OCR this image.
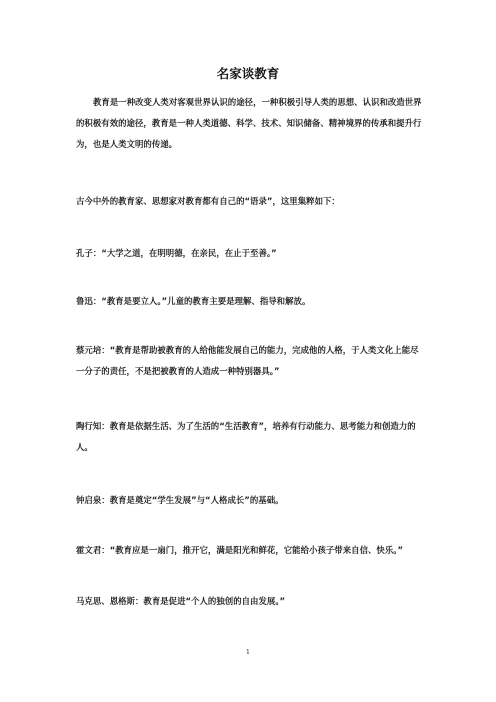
名家谈教育

教育是一种改变人类对客观世界认识的途径，一种积极引导人类的思想、认识和改造世界的积极有效的途径，教育是一种人类道德、科学、技术、知识储备、精神境界的传承和提升行为，也是人类文明的传递。

古今中外的教育家、思想家对教育都有自己的“语录”，这里集粹如下：

孔子：“大学之道，在明明德，在亲民，在止于至善。”

鲁迅：“教育是要立人。”儿童的教育主要是理解、指导和解放。

蔡元培：“教育是帮助被教育的人给他能发展自己的能力，完成他的人格，于人类文化上能尽一分子的责任，不是把被教育的人造成一种特别器具。”

陶行知：教育是依据生活、为了生活的“生活教育”，培养有行动能力、思考能力和创造力的人。

钟启泉：教育是奠定“学生发展”与“人格成长”的基础。

霍文君：“教育应是一扇门，推开它，满是阳光和鲜花，它能给小孩子带来自信、快乐。”

马克思、恩格斯：教育是促进“个人的独创的自由发展。”

1
